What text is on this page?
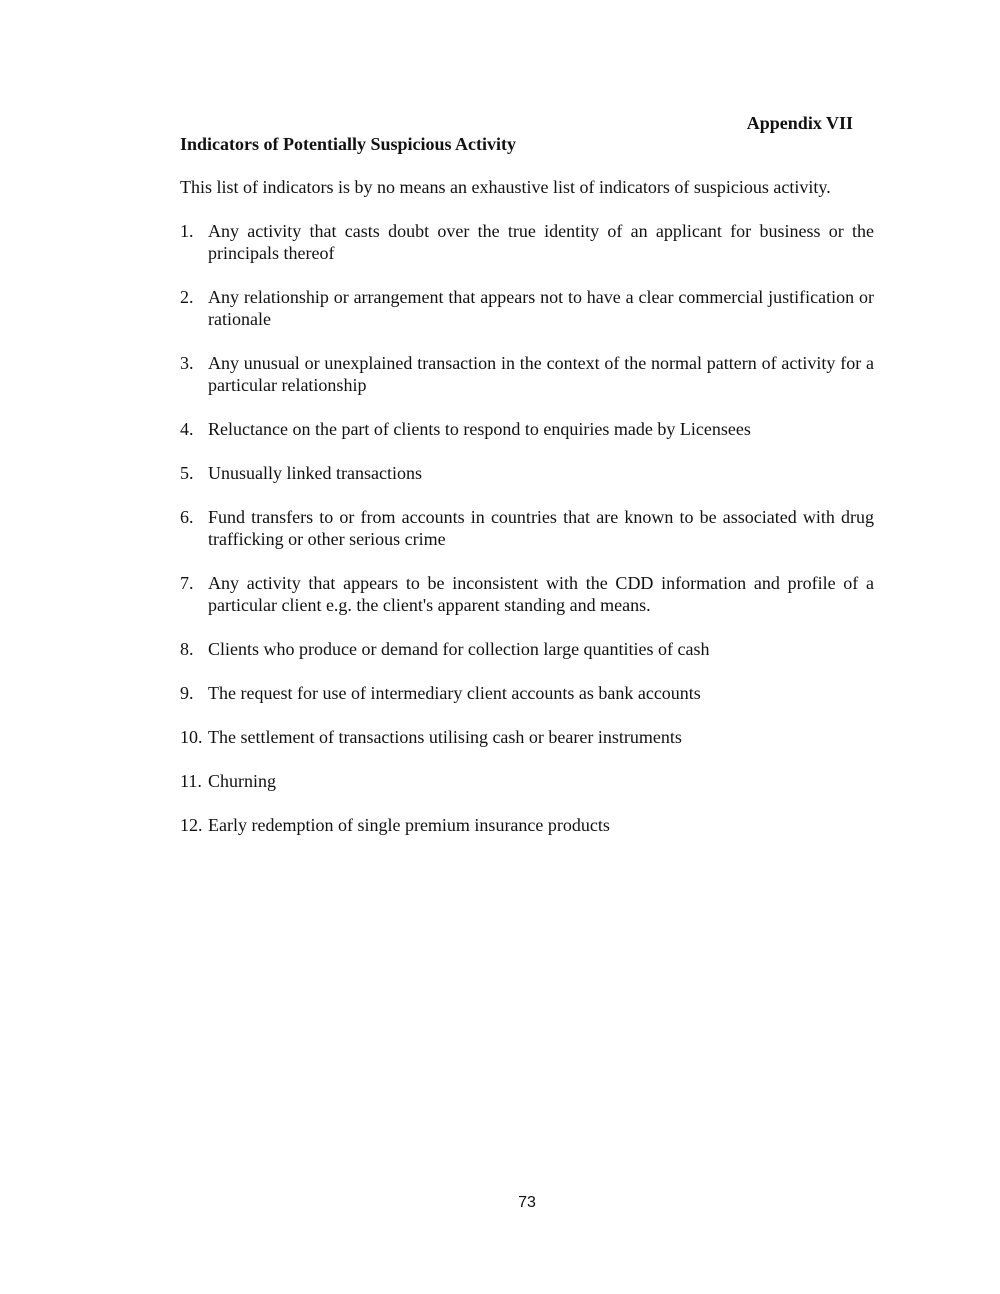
Appendix VII

Indicators of Potentially Suspicious Activity

This list of indicators is by no means an exhaustive list of indicators of suspicious activity.

1. Any activity that casts doubt over the true identity of an applicant for business or the principals thereof
2. Any relationship or arrangement that appears not to have a clear commercial justification or rationale
3. Any unusual or unexplained transaction in the context of the normal pattern of activity for a particular relationship
4. Reluctance on the part of clients to respond to enquiries made by Licensees
5. Unusually linked transactions
6. Fund transfers to or from accounts in countries that are known to be associated with drug trafficking or other serious crime
7. Any activity that appears to be inconsistent with the CDD information and profile of a particular client e.g. the client's apparent standing and means.
8. Clients who produce or demand for collection large quantities of cash
9. The request for use of intermediary client accounts as bank accounts
10. The settlement of transactions utilising cash or bearer instruments
11. Churning
12. Early redemption of single premium insurance products

73
